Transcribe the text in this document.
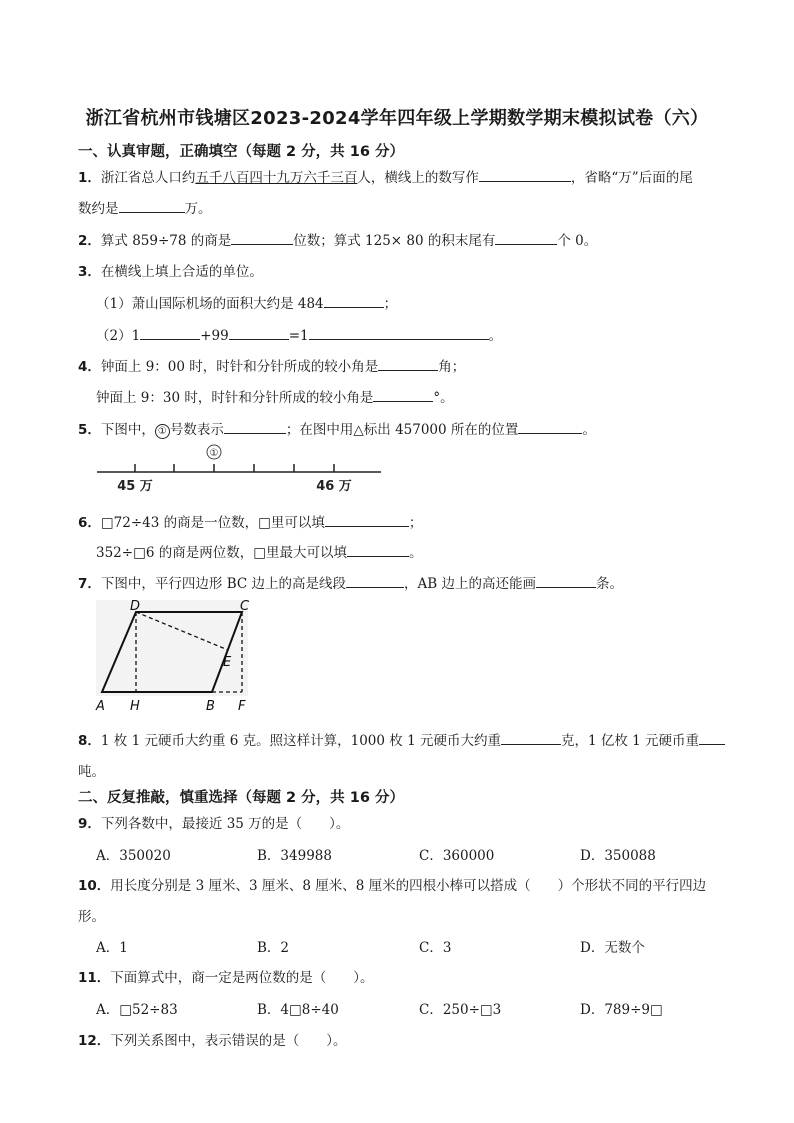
浙江省杭州市钱塘区2023-2024学年四年级上学期数学期末模拟试卷（六）
一、认真审题，正确填空（每题 2 分，共 16 分）
1．浙江省总人口约五千八百四十九万六千三百人，横线上的数写作	，省略“万”后面的尾
数约是	万。
2．算式 859÷78 的商是	位数；算式 125× 80 的积末尾有	个 0。
3．在横线上填上合适的单位。
（1）萧山国际机场的面积大约是 484	；
（2）1	+99	=1	。
4．钟面上 9：00 时，时针和分针所成的较小角是	角；
钟面上 9：30 时，时针和分针所成的较小角是	°。
5．下图中， ① 号数表示	；在图中用△标出 457000 所在的位置	。
①
45 万	46 万
6．□72÷43 的商是一位数，□里可以填	；
352÷□6 的商是两位数，□里最大可以填	。
7．下图中，平行四边形 BC 边上的高是线段	，AB 边上的高还能画	条。
D	C
E
A H	B F
8．1 枚 1 元硬币大约重 6 克。照这样计算，1000 枚 1 元硬币大约重	克，1 亿枚 1 元硬币重
吨。
二、反复推敲，慎重选择（每题 2 分，共 16 分）
9．下列各数中，最接近 35 万的是（　　）。
A．350020	B．349988	C．360000	D．350088
10．用长度分别是 3 厘米、3 厘米、8 厘米、8 厘米的四根小棒可以搭成（　　）个形状不同的平行四边
形。
A．1	B．2	C．3	D．无数个
11．下面算式中，商一定是两位数的是（　　）。
A．□52÷83	B．4□8÷40	C．250÷□3	D．789÷9□
12．下列关系图中，表示错误的是（　　）。
